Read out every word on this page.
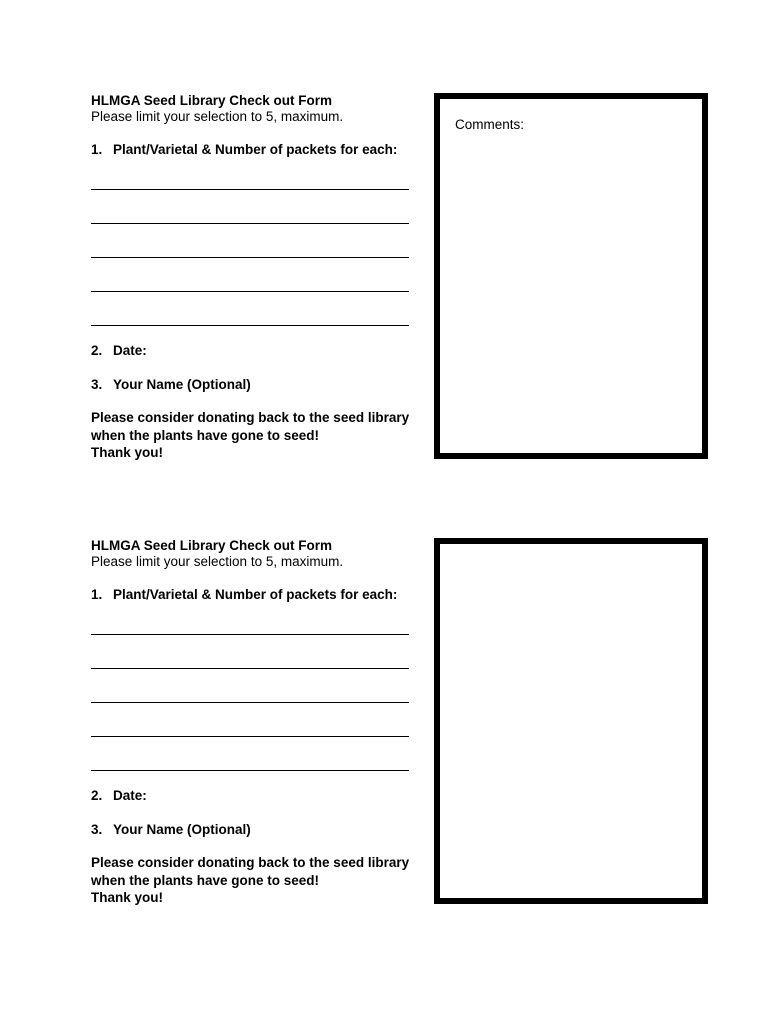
HLMGA Seed Library Check out Form
Please limit your selection to 5, maximum.
1. Plant/Varietal & Number of packets for each:
2. Date:
3. Your Name (Optional)
Please consider donating back to the seed library
when the plants have gone to seed!
Thank you!
Comments:
HLMGA Seed Library Check out Form
Please limit your selection to 5, maximum.
1. Plant/Varietal & Number of packets for each:
2. Date:
3. Your Name (Optional)
Please consider donating back to the seed library
when the plants have gone to seed!
Thank you!
